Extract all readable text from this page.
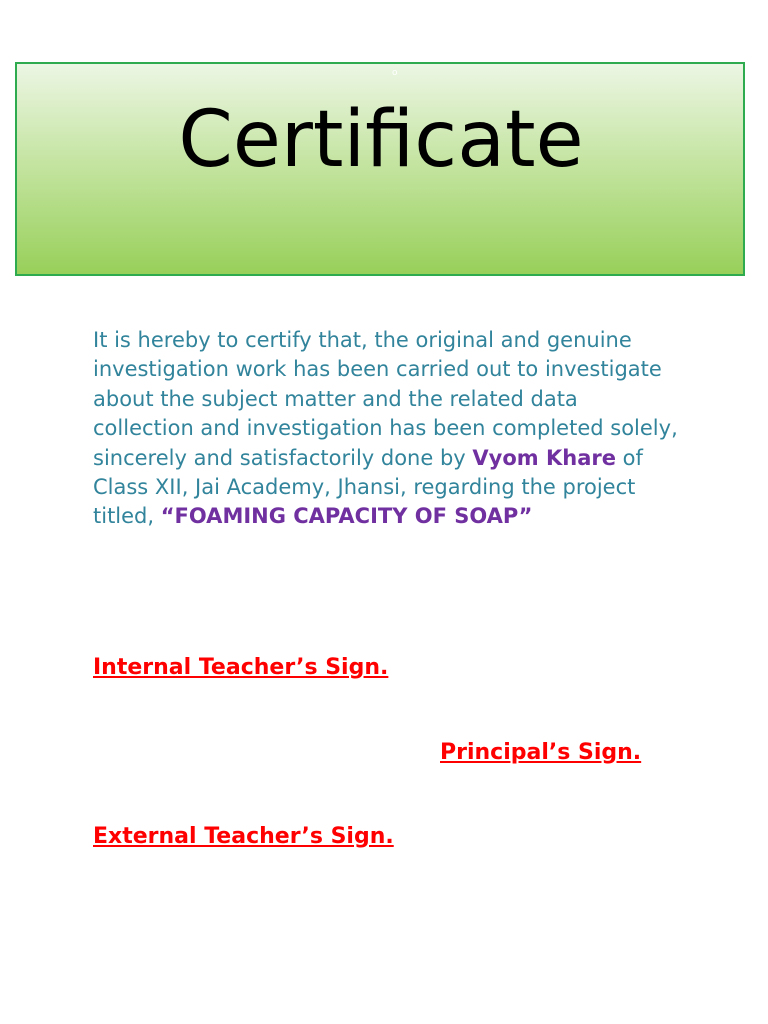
o
Certificate
It is hereby to certify that, the original and genuine investigation work has been carried out to investigate about the subject matter and the related data collection and investigation has been completed solely, sincerely and satisfactorily done by Vyom Khare of Class XII, Jai Academy, Jhansi, regarding the project titled, “FOAMING CAPACITY OF SOAP”
Internal Teacher’s Sign.
Principal’s Sign.
External Teacher’s Sign.
